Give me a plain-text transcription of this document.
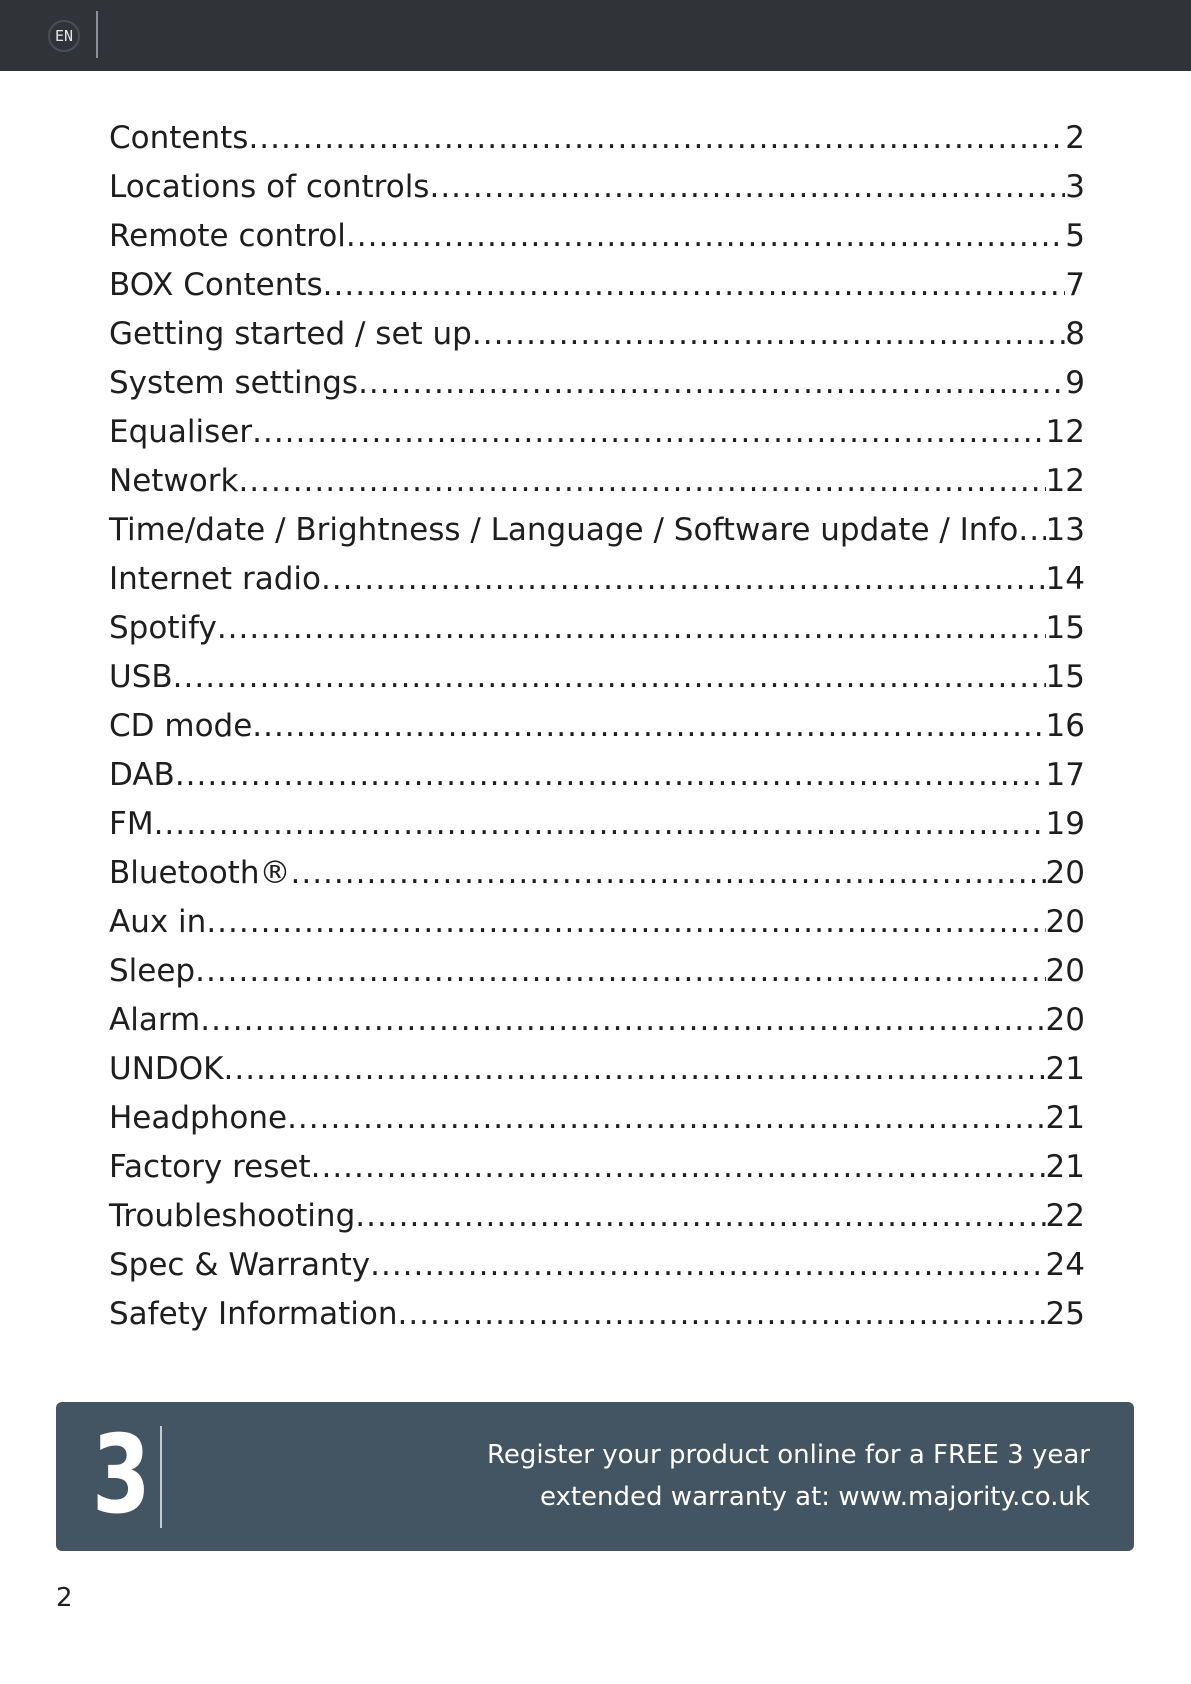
EN
Contents .....	2
Locations of controls .....	3
Remote control .....	5
BOX Contents .....	7
Getting started / set up .....	8
System settings .....	9
Equaliser .....	12
Network .....	12
Time/date / Brightness / Language / Software update / Info ..... 13
Internet radio .....	14
Spotify .....	15
USB .....	15
CD mode .....	16
DAB .....	17
FM .....	19
Bluetooth® .....	20
Aux in .....	20
Sleep .....	20
Alarm .....	20
UNDOK .....	21
Headphone .....	21
Factory reset .....	21
Troubleshooting .....	22
Spec & Warranty .....	24
Safety Information .....	25
3	Register your product online for a FREE 3 year
extended warranty at: www.majority.co.uk
2
